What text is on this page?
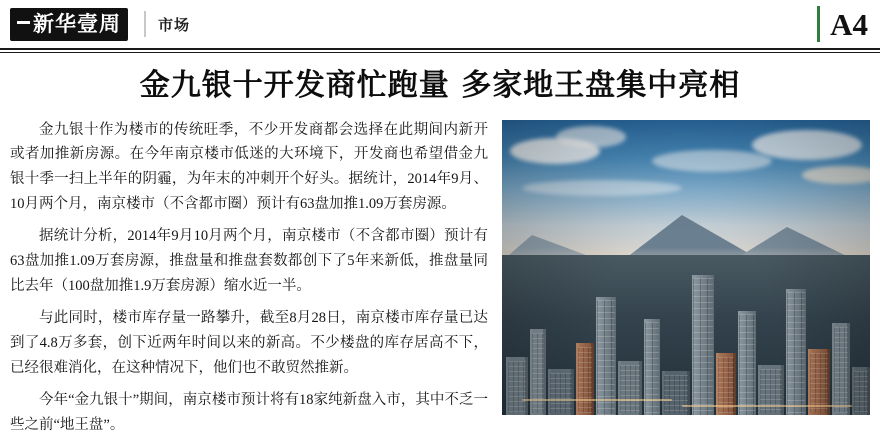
新华壹周	市场	A4
金九银十开发商忙跑量 多家地王盘集中亮相

金九银十作为楼市的传统旺季，不少开发商都会选择在此期间内新开或者加推新房源。在今年南京楼市低迷的大环境下，开发商也希望借金九银十季一扫上半年的阴霾，为年末的冲刺开个好头。据统计，2014年9月、10月两个月，南京楼市（不含都市圈）预计有63盘加推1.09万套房源。

据统计分析，2014年9月10月两个月，南京楼市（不含都市圈）预计有63盘加推1.09万套房源，推盘量和推盘套数都创下了5年来新低，推盘量同比去年（100盘加推1.9万套房源）缩水近一半。

与此同时，楼市库存量一路攀升，截至8月28日，南京楼市库存量已达到了4.8万多套，创下近两年时间以来的新高。不少楼盘的库存居高不下，已经很难消化，在这种情况下，他们也不敢贸然推新。

今年“金九银十”期间，南京楼市预计将有18家纯新盘入市，其中不乏一些之前“地王盘”。
